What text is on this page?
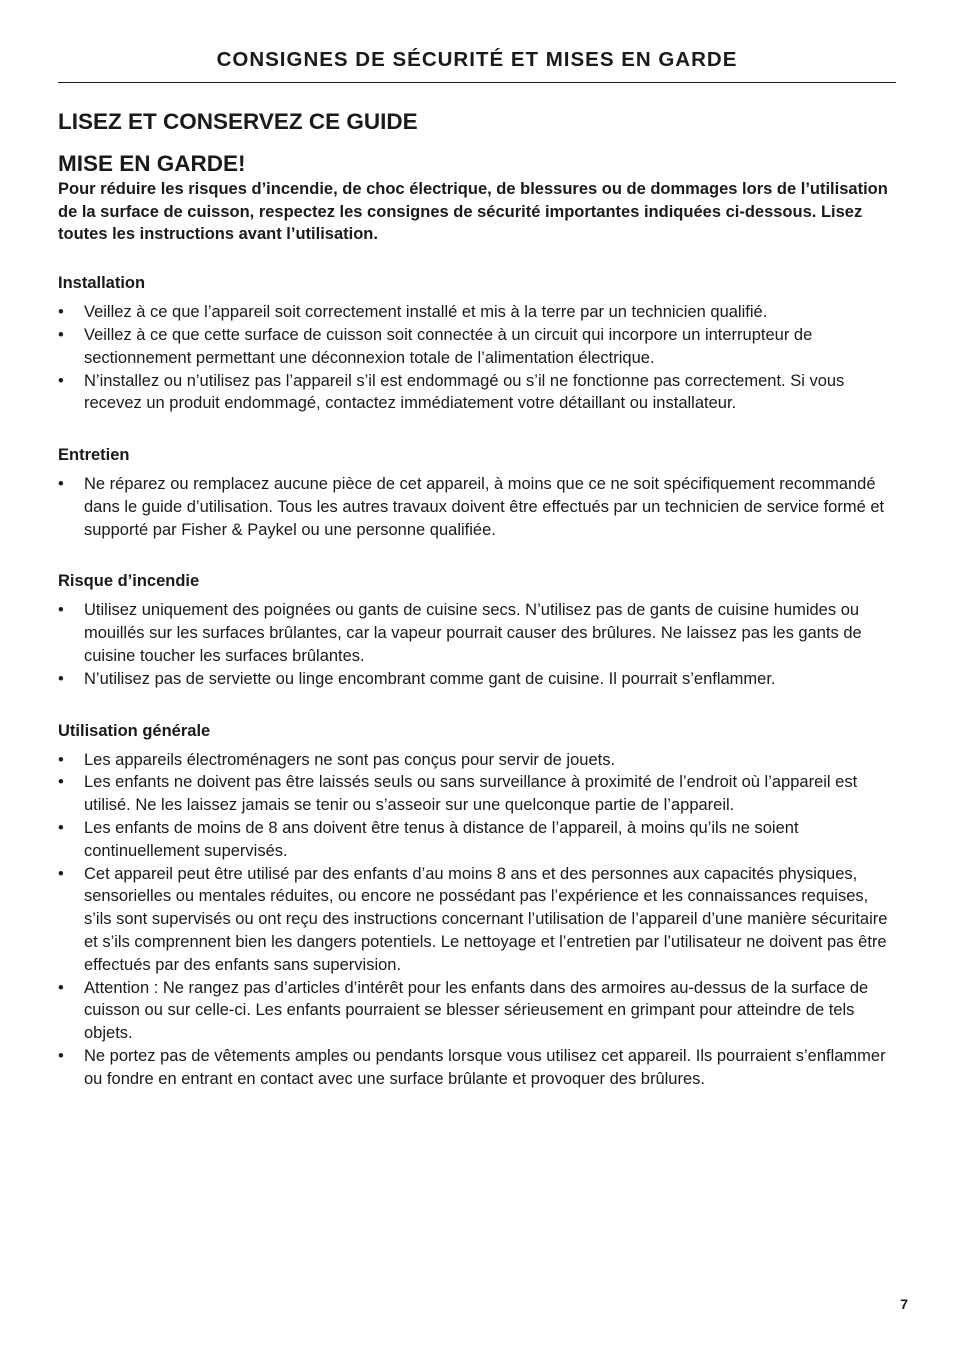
CONSIGNES DE SÉCURITÉ ET MISES EN GARDE
LISEZ ET CONSERVEZ CE GUIDE
MISE EN GARDE!
Pour réduire les risques d’incendie, de choc électrique, de blessures ou de dommages lors de l’utilisation de la surface de cuisson, respectez les consignes de sécurité importantes indiquées ci-dessous. Lisez toutes les instructions avant l’utilisation.
Installation
• Veillez à ce que l’appareil soit correctement installé et mis à la terre par un technicien qualifié.
• Veillez à ce que cette surface de cuisson soit connectée à un circuit qui incorpore un interrupteur de sectionnement permettant une déconnexion totale de l’alimentation électrique.
• N’installez ou n’utilisez pas l’appareil s’il est endommagé ou s’il ne fonctionne pas correctement. Si vous recevez un produit endommagé, contactez immédiatement votre détaillant ou installateur.
Entretien
• Ne réparez ou remplacez aucune pièce de cet appareil, à moins que ce ne soit spécifiquement recommandé dans le guide d’utilisation. Tous les autres travaux doivent être effectués par un technicien de service formé et supporté par Fisher & Paykel ou une personne qualifiée.
Risque d’incendie
• Utilisez uniquement des poignées ou gants de cuisine secs. N’utilisez pas de gants de cuisine humides ou mouillés sur les surfaces brûlantes, car la vapeur pourrait causer des brûlures. Ne laissez pas les gants de cuisine toucher les surfaces brûlantes.
• N’utilisez pas de serviette ou linge encombrant comme gant de cuisine. Il pourrait s’enflammer.
Utilisation générale
• Les appareils électroménagers ne sont pas conçus pour servir de jouets.
• Les enfants ne doivent pas être laissés seuls ou sans surveillance à proximité de l’endroit où l’appareil est utilisé. Ne les laissez jamais se tenir ou s’asseoir sur une quelconque partie de l’appareil.
• Les enfants de moins de 8 ans doivent être tenus à distance de l’appareil, à moins qu’ils ne soient continuellement supervisés.
• Cet appareil peut être utilisé par des enfants d’au moins 8 ans et des personnes aux capacités physiques, sensorielles ou mentales réduites, ou encore ne possédant pas l’expérience et les connaissances requises, s’ils sont supervisés ou ont reçu des instructions concernant l’utilisation de l’appareil d’une manière sécuritaire et s’ils comprennent bien les dangers potentiels. Le nettoyage et l’entretien par l’utilisateur ne doivent pas être effectués par des enfants sans supervision.
• Attention : Ne rangez pas d’articles d’intérêt pour les enfants dans des armoires au-dessus de la surface de cuisson ou sur celle-ci. Les enfants pourraient se blesser sérieusement en grimpant pour atteindre de tels objets.
• Ne portez pas de vêtements amples ou pendants lorsque vous utilisez cet appareil. Ils pourraient s’enflammer ou fondre en entrant en contact avec une surface brûlante et provoquer des brûlures.
7
